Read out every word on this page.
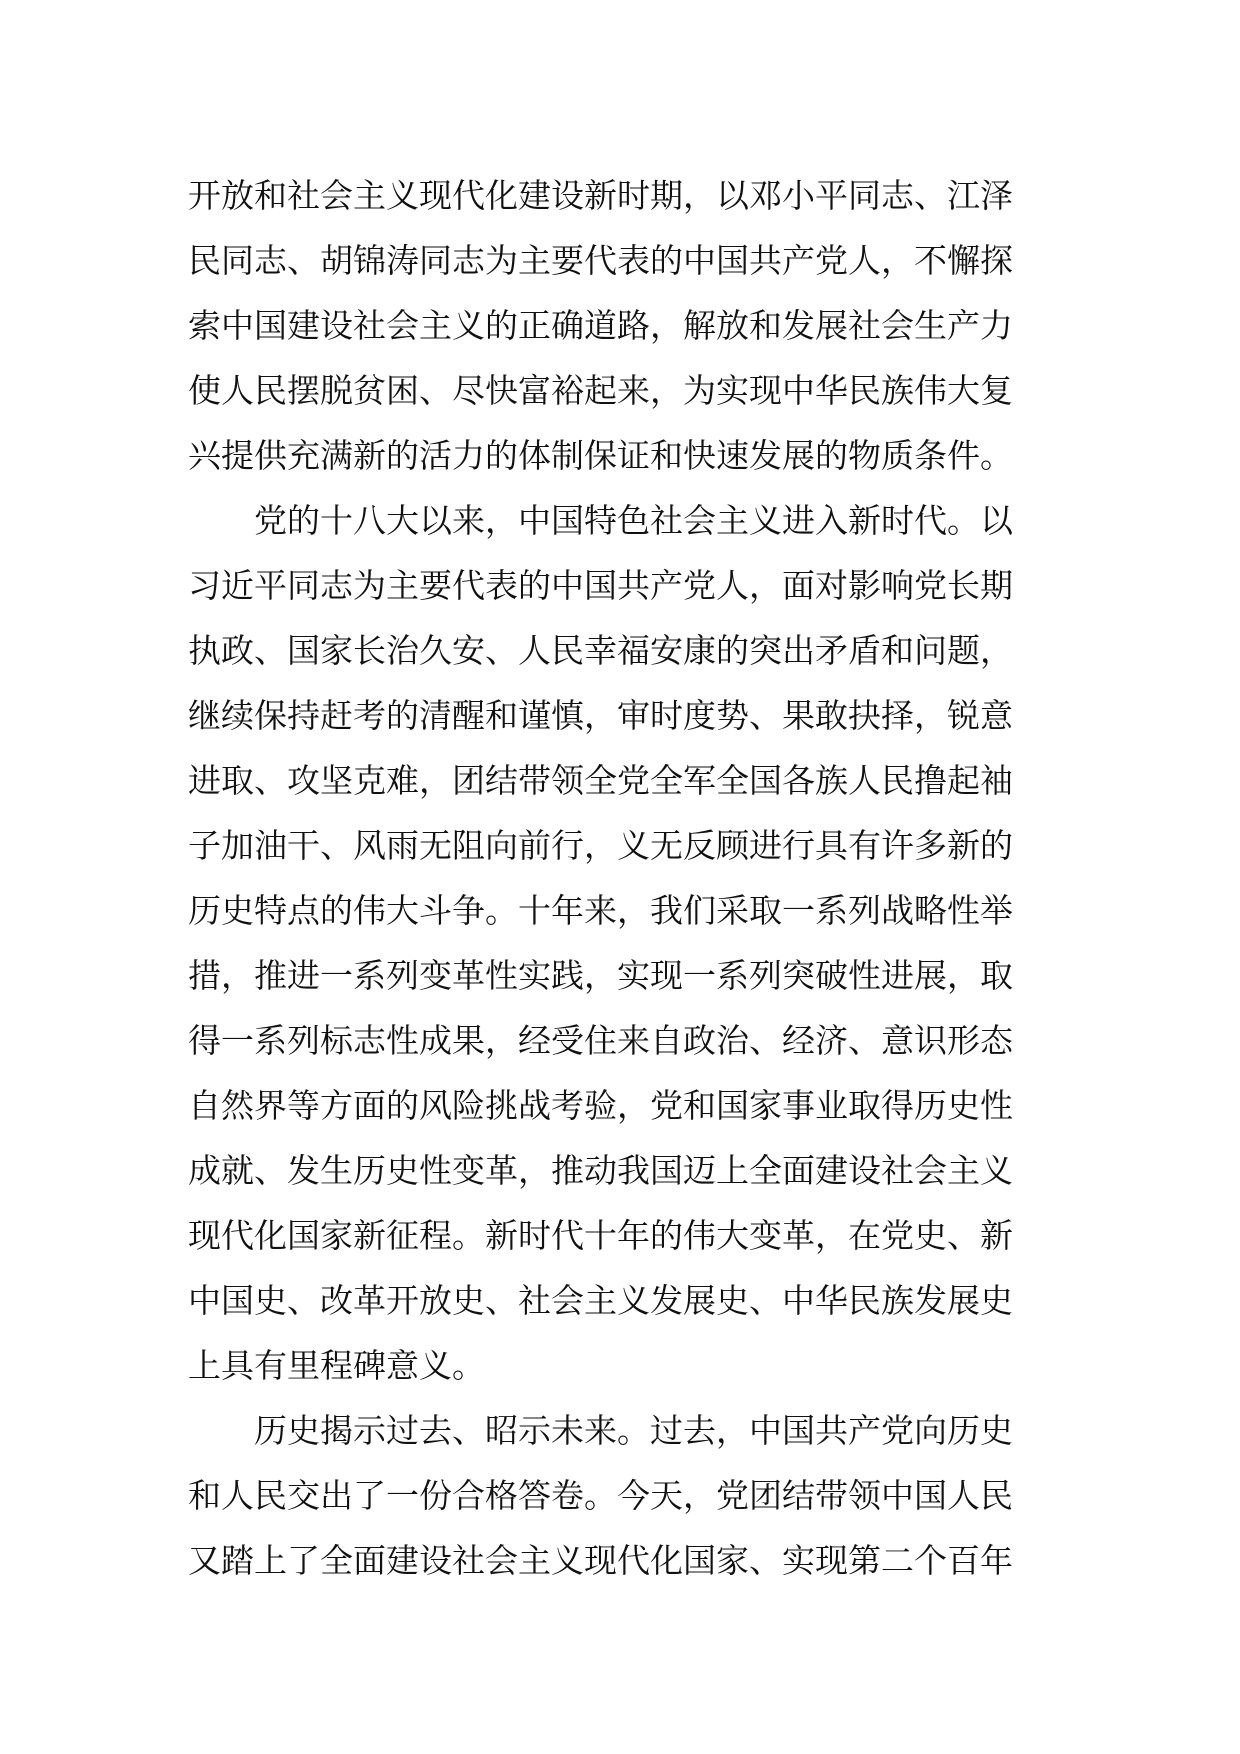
开放和社会主义现代化建设新时期，以邓小平同志、江泽
民同志、胡锦涛同志为主要代表的中国共产党人，不懈探
索中国建设社会主义的正确道路，解放和发展社会生产力
使人民摆脱贫困、尽快富裕起来，为实现中华民族伟大复
兴提供充满新的活力的体制保证和快速发展的物质条件。
党的十八大以来，中国特色社会主义进入新时代。以
习近平同志为主要代表的中国共产党人，面对影响党长期
执政、国家长治久安、人民幸福安康的突出矛盾和问题，
继续保持赶考的清醒和谨慎，审时度势、果敢抉择，锐意
进取、攻坚克难，团结带领全党全军全国各族人民撸起袖
子加油干、风雨无阻向前行，义无反顾进行具有许多新的
历史特点的伟大斗争。十年来，我们采取一系列战略性举
措，推进一系列变革性实践，实现一系列突破性进展，取
得一系列标志性成果，经受住来自政治、经济、意识形态
自然界等方面的风险挑战考验，党和国家事业取得历史性
成就、发生历史性变革，推动我国迈上全面建设社会主义
现代化国家新征程。新时代十年的伟大变革，在党史、新
中国史、改革开放史、社会主义发展史、中华民族发展史
上具有里程碑意义。
历史揭示过去、昭示未来。过去，中国共产党向历史
和人民交出了一份合格答卷。今天，党团结带领中国人民
又踏上了全面建设社会主义现代化国家、实现第二个百年
